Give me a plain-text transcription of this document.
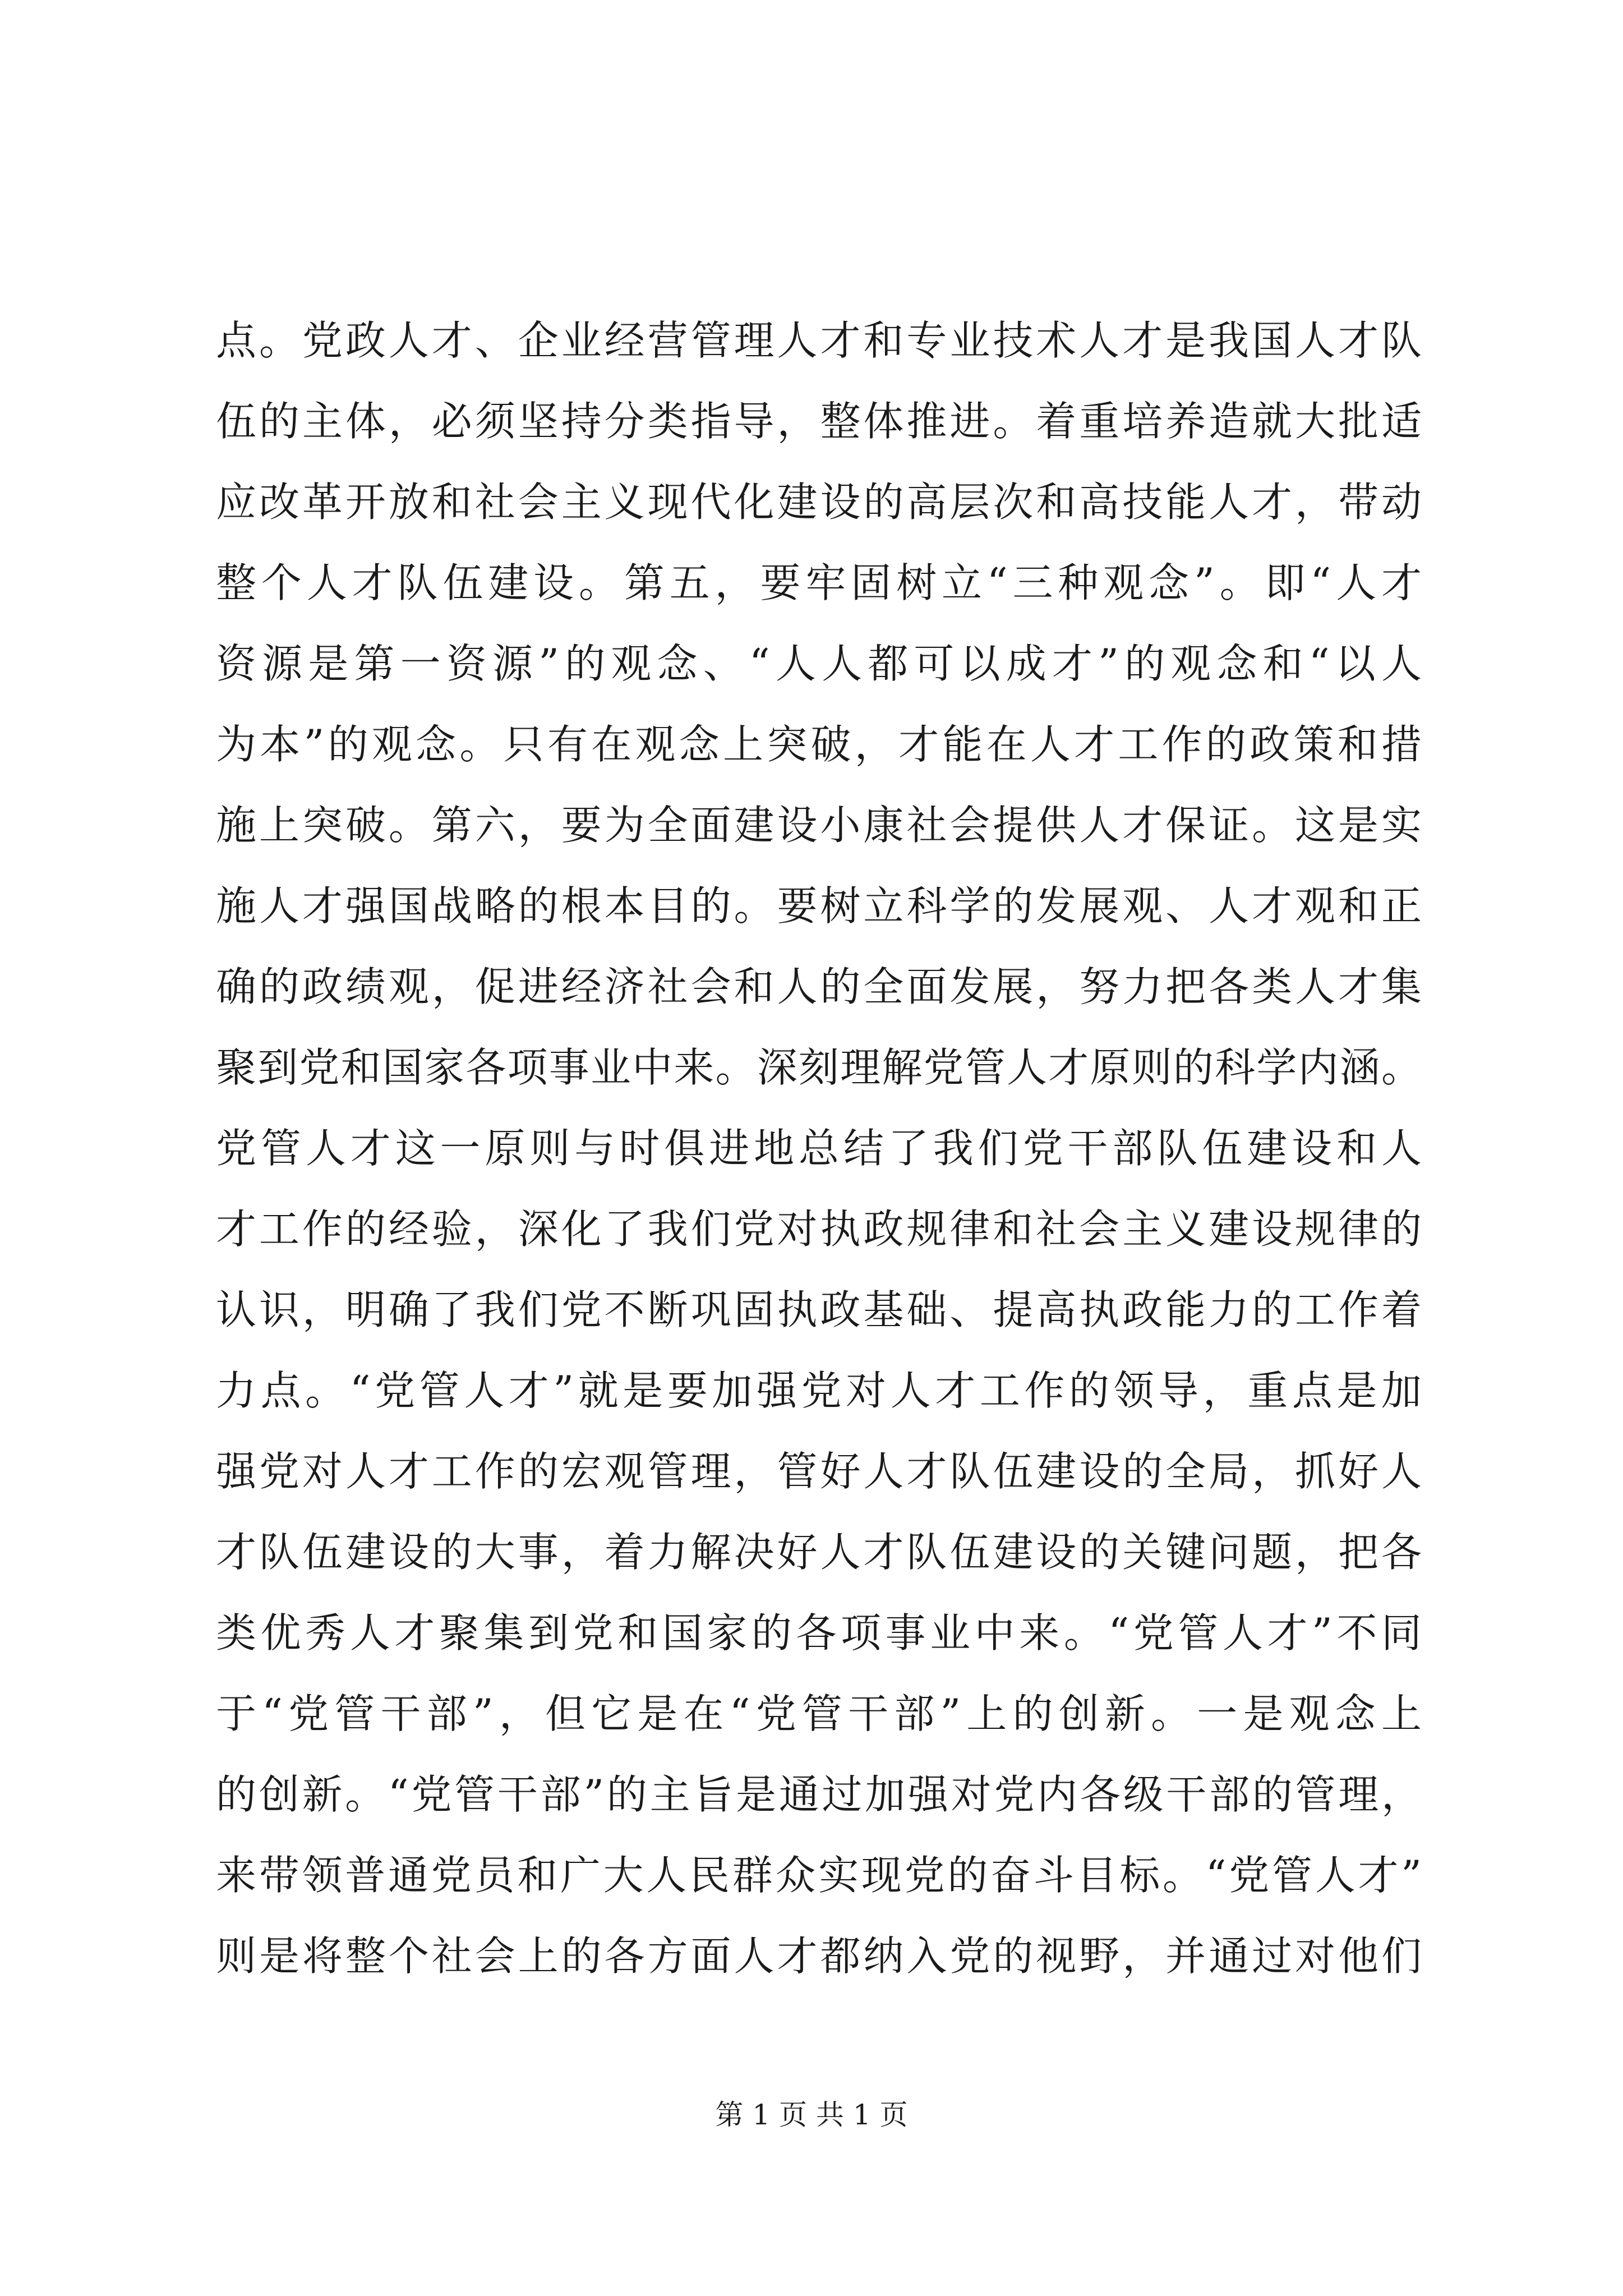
点。党政人才、企业经营管理人才和专业技术人才是我国人才队
伍的主体，必须坚持分类指导，整体推进。着重培养造就大批适
应改革开放和社会主义现代化建设的高层次和高技能人才，带动
整个人才队伍建设。第五，要牢固树立“三种观念”。即“人才
资源是第一资源”的观念、“人人都可以成才”的观念和“以人
为本”的观念。只有在观念上突破，才能在人才工作的政策和措
施上突破。第六，要为全面建设小康社会提供人才保证。这是实
施人才强国战略的根本目的。要树立科学的发展观、人才观和正
确的政绩观，促进经济社会和人的全面发展，努力把各类人才集
聚到党和国家各项事业中来。深刻理解党管人才原则的科学内涵。
党管人才这一原则与时俱进地总结了我们党干部队伍建设和人
才工作的经验，深化了我们党对执政规律和社会主义建设规律的
认识，明确了我们党不断巩固执政基础、提高执政能力的工作着
力点。“党管人才”就是要加强党对人才工作的领导，重点是加
强党对人才工作的宏观管理，管好人才队伍建设的全局，抓好人
才队伍建设的大事，着力解决好人才队伍建设的关键问题，把各
类优秀人才聚集到党和国家的各项事业中来。“党管人才”不同
于“党管干部”，但它是在“党管干部”上的创新。一是观念上
的创新。“党管干部”的主旨是通过加强对党内各级干部的管理，
来带领普通党员和广大人民群众实现党的奋斗目标。“党管人才”
则是将整个社会上的各方面人才都纳入党的视野，并通过对他们
第 1 页 共 1 页
